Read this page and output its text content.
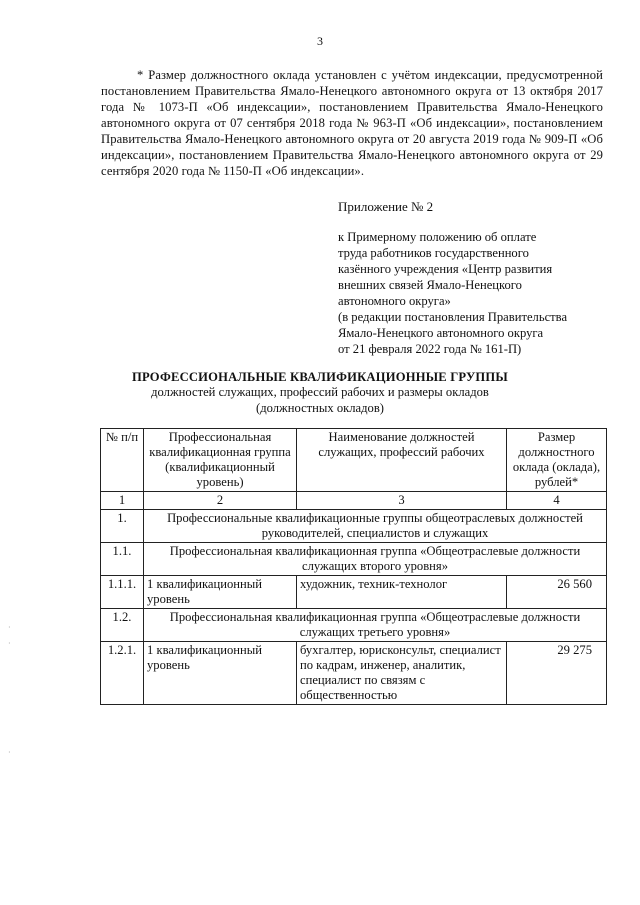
3
* Размер должностного оклада установлен с учётом индексации, предусмотренной постановлением Правительства Ямало-Ненецкого автономного округа от 13 октября 2017 года № 1073-П «Об индексации», постановлением Правительства Ямало-Ненецкого автономного округа от 07 сентября 2018 года № 963-П «Об индексации», постановлением Правительства Ямало-Ненецкого автономного округа от 20 августа 2019 года № 909-П «Об индексации», постановлением Правительства Ямало-Ненецкого автономного округа от 29 сентября 2020 года № 1150-П «Об индексации».
Приложение № 2
к Примерному положению об оплате
труда работников государственного
казённого учреждения «Центр развития
внешних связей Ямало-Ненецкого
автономного округа»
(в редакции постановления Правительства
Ямало-Ненецкого автономного округа
от 21 февраля 2022 года № 161-П)
ПРОФЕССИОНАЛЬНЫЕ КВАЛИФИКАЦИОННЫЕ ГРУППЫ
должностей служащих, профессий рабочих и размеры окладов
(должностных окладов)
№ п/п	Профессиональная квалификационная группа (квалификационный уровень)	Наименование должностей служащих, профессий рабочих	Размер должностного оклада (оклада), рублей*
1	2	3	4
1.	Профессиональные квалификационные группы общеотраслевых должностей руководителей, специалистов и служащих		
1.1.	Профессиональная квалификационная группа «Общеотраслевые должности служащих второго уровня»		
1.1.1.	1 квалификационный уровень	художник, техник-технолог	26 560
1.2.	Профессиональная квалификационная группа «Общеотраслевые должности служащих третьего уровня»		
1.2.1.	1 квалификационный уровень	бухгалтер, юрисконсульт, специалист по кадрам, инженер, аналитик, специалист по связям с общественностью	29 275
·
·
·
